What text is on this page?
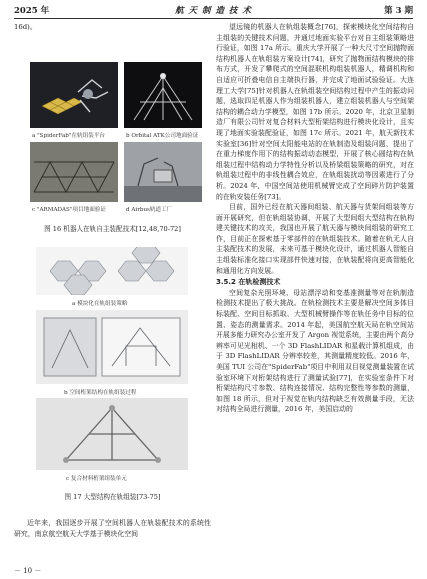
2025 年	航 天 制 造 技 术	第 3 期

16d)。

a "SpiderFab"在轨组装平台	b Orbital ATK公司地面验证
c "ARMADAS"项目地面验证	d Airbus轨道工厂
图 16 机器人在轨自主装配技术[12,48,70-72]
a 模块化在轨组装策略
b 空间桁架结构在轨组装过程
c 复合材料桁架组装单元
图 17 大型结构在轨组装[73-75]

近年来，我国逐步开展了空间机器人在轨装配技术的系统性研究，南京航空航天大学基于模块化空间

望远镜的机器人在轨组装概念[76]，探索模块化空间结构自主组装的关键技术问题，并通过地面实验平台对自主组装策略进行验证，如图 17a 所示。重庆大学开展了一种大尺寸空间抛物面结构机器人在轨组装方案设计[74]，研究了抛物面结构模块的排布方式，开发了攀爬式的空间混联机构组装机器人，精调机构和自适应可折叠电信自主端执行器，并完成了地面试验验证。大连理工大学[75]针对机器人在轨组装空间结构过程中产生的振动问题，选取四足机器人作为组装机器人，建立组装机器人与空间架结构的耦合动力学模型，如图 17b 所示。2020 年，北京卫星制造厂有限公司针对复合材料大型桁架结构进行模块化设计，且实现了地面实验装配验证，如图 17c 所示。2021 年，航天新技术实验室[36]针对空间太阳能电站的在轨制造及组装问题，提出了在重力梯度作用下的结构振动动态模型，开展了核心圆结构在轨组装过程中结构动力学特性分析以及桥梁组装策略的研究，对在轨组装过程中的非线性耦合效应，在轨组装扰动等因素进行了分析。2024 年，中国空间站使用机械臂完成了空间碎片防护装置的在轨安装任务[73]。

目前，国外已经在航天器间组装、航天器与货架间组装等方面开展研究，但在轨组装协调，开展了大型间组大型结构在轨构建关键技术的攻关，我国也开展了航天器与模块间组装的研究工作，目前正在探索基于零部件的在轨组装技术。随着在轨无人自主装配技术的发展，未来可基于模块化设计，通过机器人智能自主组装标准化接口实现部件快速对接，在轨装配将向更高智能化和通用化方向发展。

3.5.2 在轨检测技术

空间复杂光照环境、母站漂浮动和变基准测量等对在轨制造检测技术提出了极大挑战。在轨检测技术主要是解决空间多体目标装配、空间目标抓取、大型机械臂操作等在轨任务中目标的位置、姿态的测量需求。2014 年起，美国航空航天局在轨空间站开展多能力研究办公室开发了 Argon 视觉系统，主要由两个高分辨率可见光相机、一个 3D FlashLIDAR 和星载计算机组成，由于 3D FlashLIDAR 分辨率较差，其测量精度较低。2016 年，美国 TUI 公司在"SpiderFab"项目中利用双目视觉测量装置在试验室环境下对桁架结构进行了测量试验[77]，在实验室条件下对桁架结构尺寸参数、结构连接情况、结构完整性等参数的测量，如图 18 所示，但对于视觉在轨内结构缺乏有效测量手段，无法对结构全局进行测量，2016 年，美国启动的

－ 10 －
